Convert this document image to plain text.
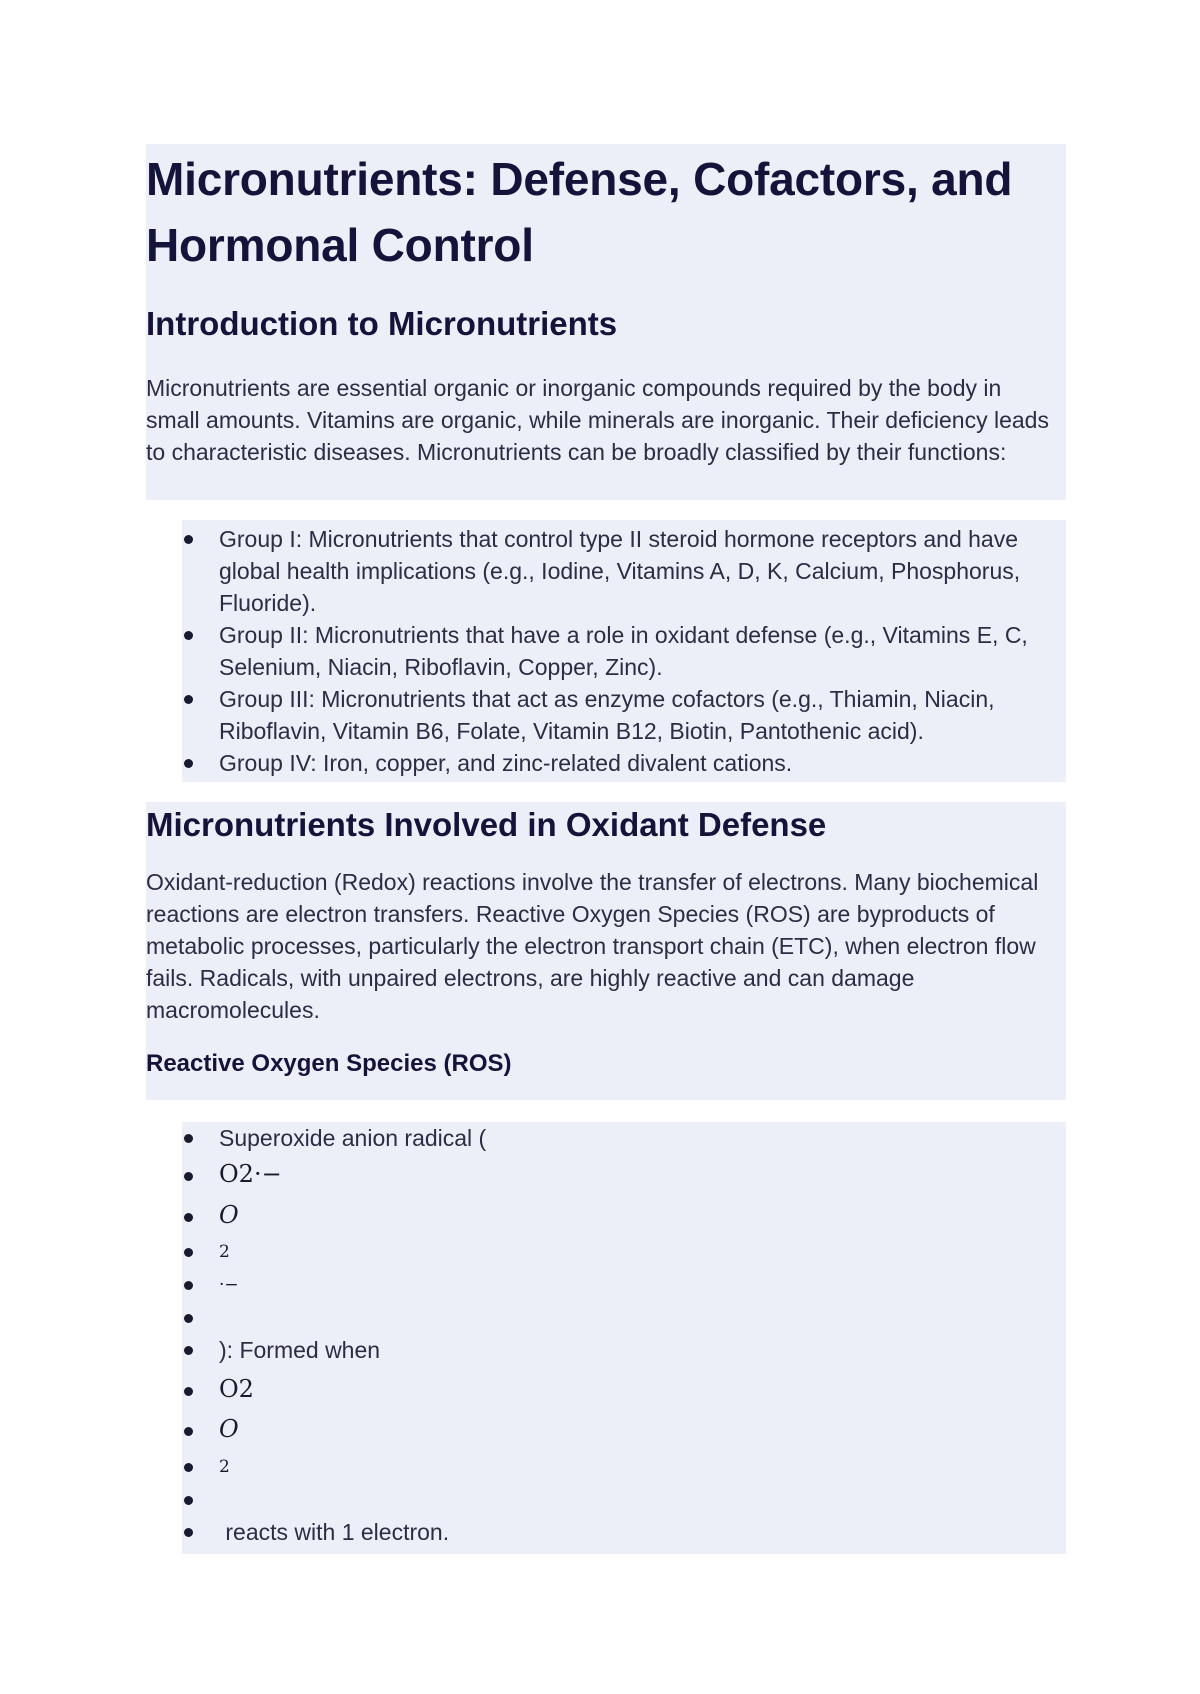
Micronutrients: Defense, Cofactors, and Hormonal Control
Introduction to Micronutrients

Micronutrients are essential organic or inorganic compounds required by the body in small amounts. Vitamins are organic, while minerals are inorganic. Their deficiency leads to characteristic diseases. Micronutrients can be broadly classified by their functions:

Group I: Micronutrients that control type II steroid hormone receptors and have global health implications (e.g., Iodine, Vitamins A, D, K, Calcium, Phosphorus, Fluoride).
Group II: Micronutrients that have a role in oxidant defense (e.g., Vitamins E, C, Selenium, Niacin, Riboflavin, Copper, Zinc).
Group III: Micronutrients that act as enzyme cofactors (e.g., Thiamin, Niacin, Riboflavin, Vitamin B6, Folate, Vitamin B12, Biotin, Pantothenic acid).
Group IV: Iron, copper, and zinc-related divalent cations.
Micronutrients Involved in Oxidant Defense

Oxidant-reduction (Redox) reactions involve the transfer of electrons. Many biochemical reactions are electron transfers. Reactive Oxygen Species (ROS) are byproducts of metabolic processes, particularly the electron transport chain (ETC), when electron flow fails. Radicals, with unpaired electrons, are highly reactive and can damage macromolecules.

Reactive Oxygen Species (ROS)
Superoxide anion radical (
O2·−
O
2
·−
): Formed when
O2
O
2
reacts with 1 electron.
